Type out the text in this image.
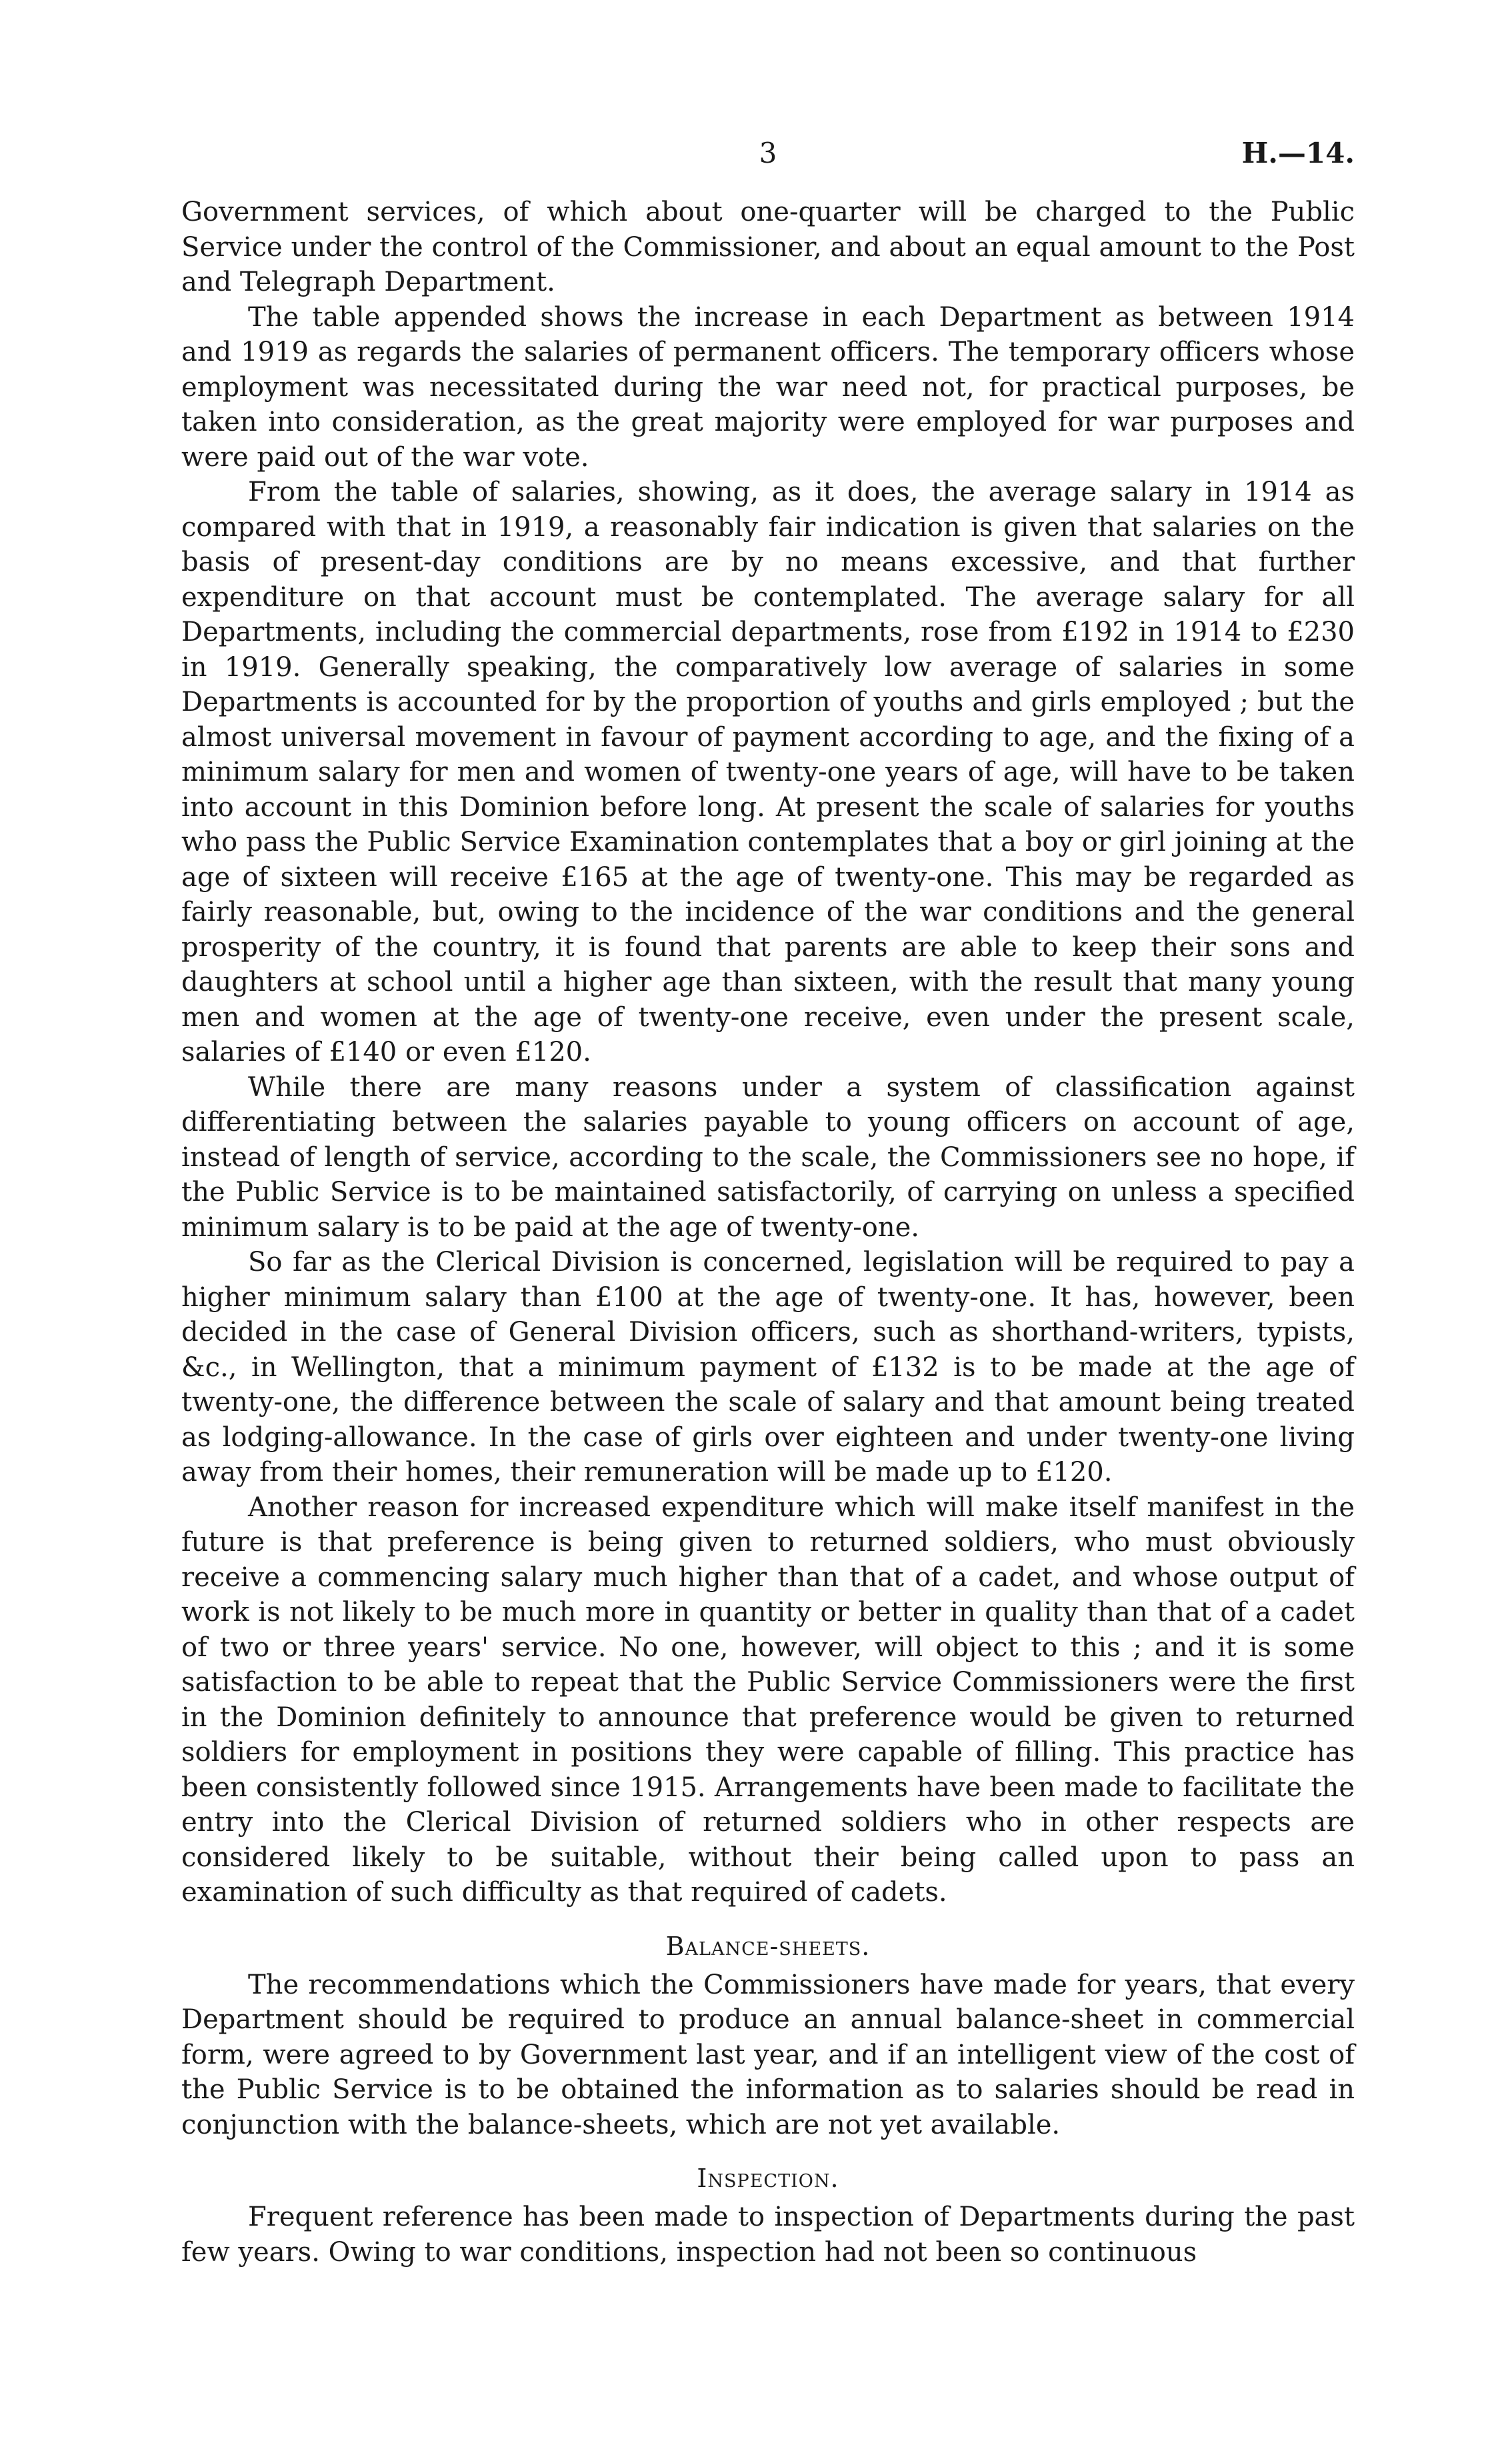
3	H.—14.

Government services, of which about one-quarter will be charged to the Public Service under the control of the Commissioner, and about an equal amount to the Post and Telegraph Department.

The table appended shows the increase in each Department as between 1914 and 1919 as regards the salaries of permanent officers. The temporary officers whose employment was necessitated during the war need not, for practical purposes, be taken into consideration, as the great majority were employed for war purposes and were paid out of the war vote.

From the table of salaries, showing, as it does, the average salary in 1914 as compared with that in 1919, a reasonably fair indication is given that salaries on the basis of present-day conditions are by no means excessive, and that further expenditure on that account must be contemplated. The average salary for all Departments, including the commercial departments, rose from £192 in 1914 to £230 in 1919. Generally speaking, the comparatively low average of salaries in some Departments is accounted for by the proportion of youths and girls employed ; but the almost universal movement in favour of payment according to age, and the fixing of a minimum salary for men and women of twenty-one years of age, will have to be taken into account in this Dominion before long. At present the scale of salaries for youths who pass the Public Service Examination contemplates that a boy or girl joining at the age of sixteen will receive £165 at the age of twenty-one. This may be regarded as fairly reasonable, but, owing to the incidence of the war conditions and the general prosperity of the country, it is found that parents are able to keep their sons and daughters at school until a higher age than sixteen, with the result that many young men and women at the age of twenty-one receive, even under the present scale, salaries of £140 or even £120.

While there are many reasons under a system of classification against differentiating between the salaries payable to young officers on account of age, instead of length of service, according to the scale, the Commissioners see no hope, if the Public Service is to be maintained satisfactorily, of carrying on unless a specified minimum salary is to be paid at the age of twenty-one.

So far as the Clerical Division is concerned, legislation will be required to pay a higher minimum salary than £100 at the age of twenty-one. It has, however, been decided in the case of General Division officers, such as shorthand-writers, typists, &c., in Wellington, that a minimum payment of £132 is to be made at the age of twenty-one, the difference between the scale of salary and that amount being treated as lodging-allowance. In the case of girls over eighteen and under twenty-one living away from their homes, their remuneration will be made up to £120.

Another reason for increased expenditure which will make itself manifest in the future is that preference is being given to returned soldiers, who must obviously receive a commencing salary much higher than that of a cadet, and whose output of work is not likely to be much more in quantity or better in quality than that of a cadet of two or three years' service. No one, however, will object to this ; and it is some satisfaction to be able to repeat that the Public Service Commissioners were the first in the Dominion definitely to announce that preference would be given to returned soldiers for employment in positions they were capable of filling. This practice has been consistently followed since 1915. Arrangements have been made to facilitate the entry into the Clerical Division of returned soldiers who in other respects are considered likely to be suitable, without their being called upon to pass an examination of such difficulty as that required of cadets.

Balance-sheets.

The recommendations which the Commissioners have made for years, that every Department should be required to produce an annual balance-sheet in commercial form, were agreed to by Government last year, and if an intelligent view of the cost of the Public Service is to be obtained the information as to salaries should be read in conjunction with the balance-sheets, which are not yet available.

Inspection.

Frequent reference has been made to inspection of Departments during the past few years. Owing to war conditions, inspection had not been so continuous
